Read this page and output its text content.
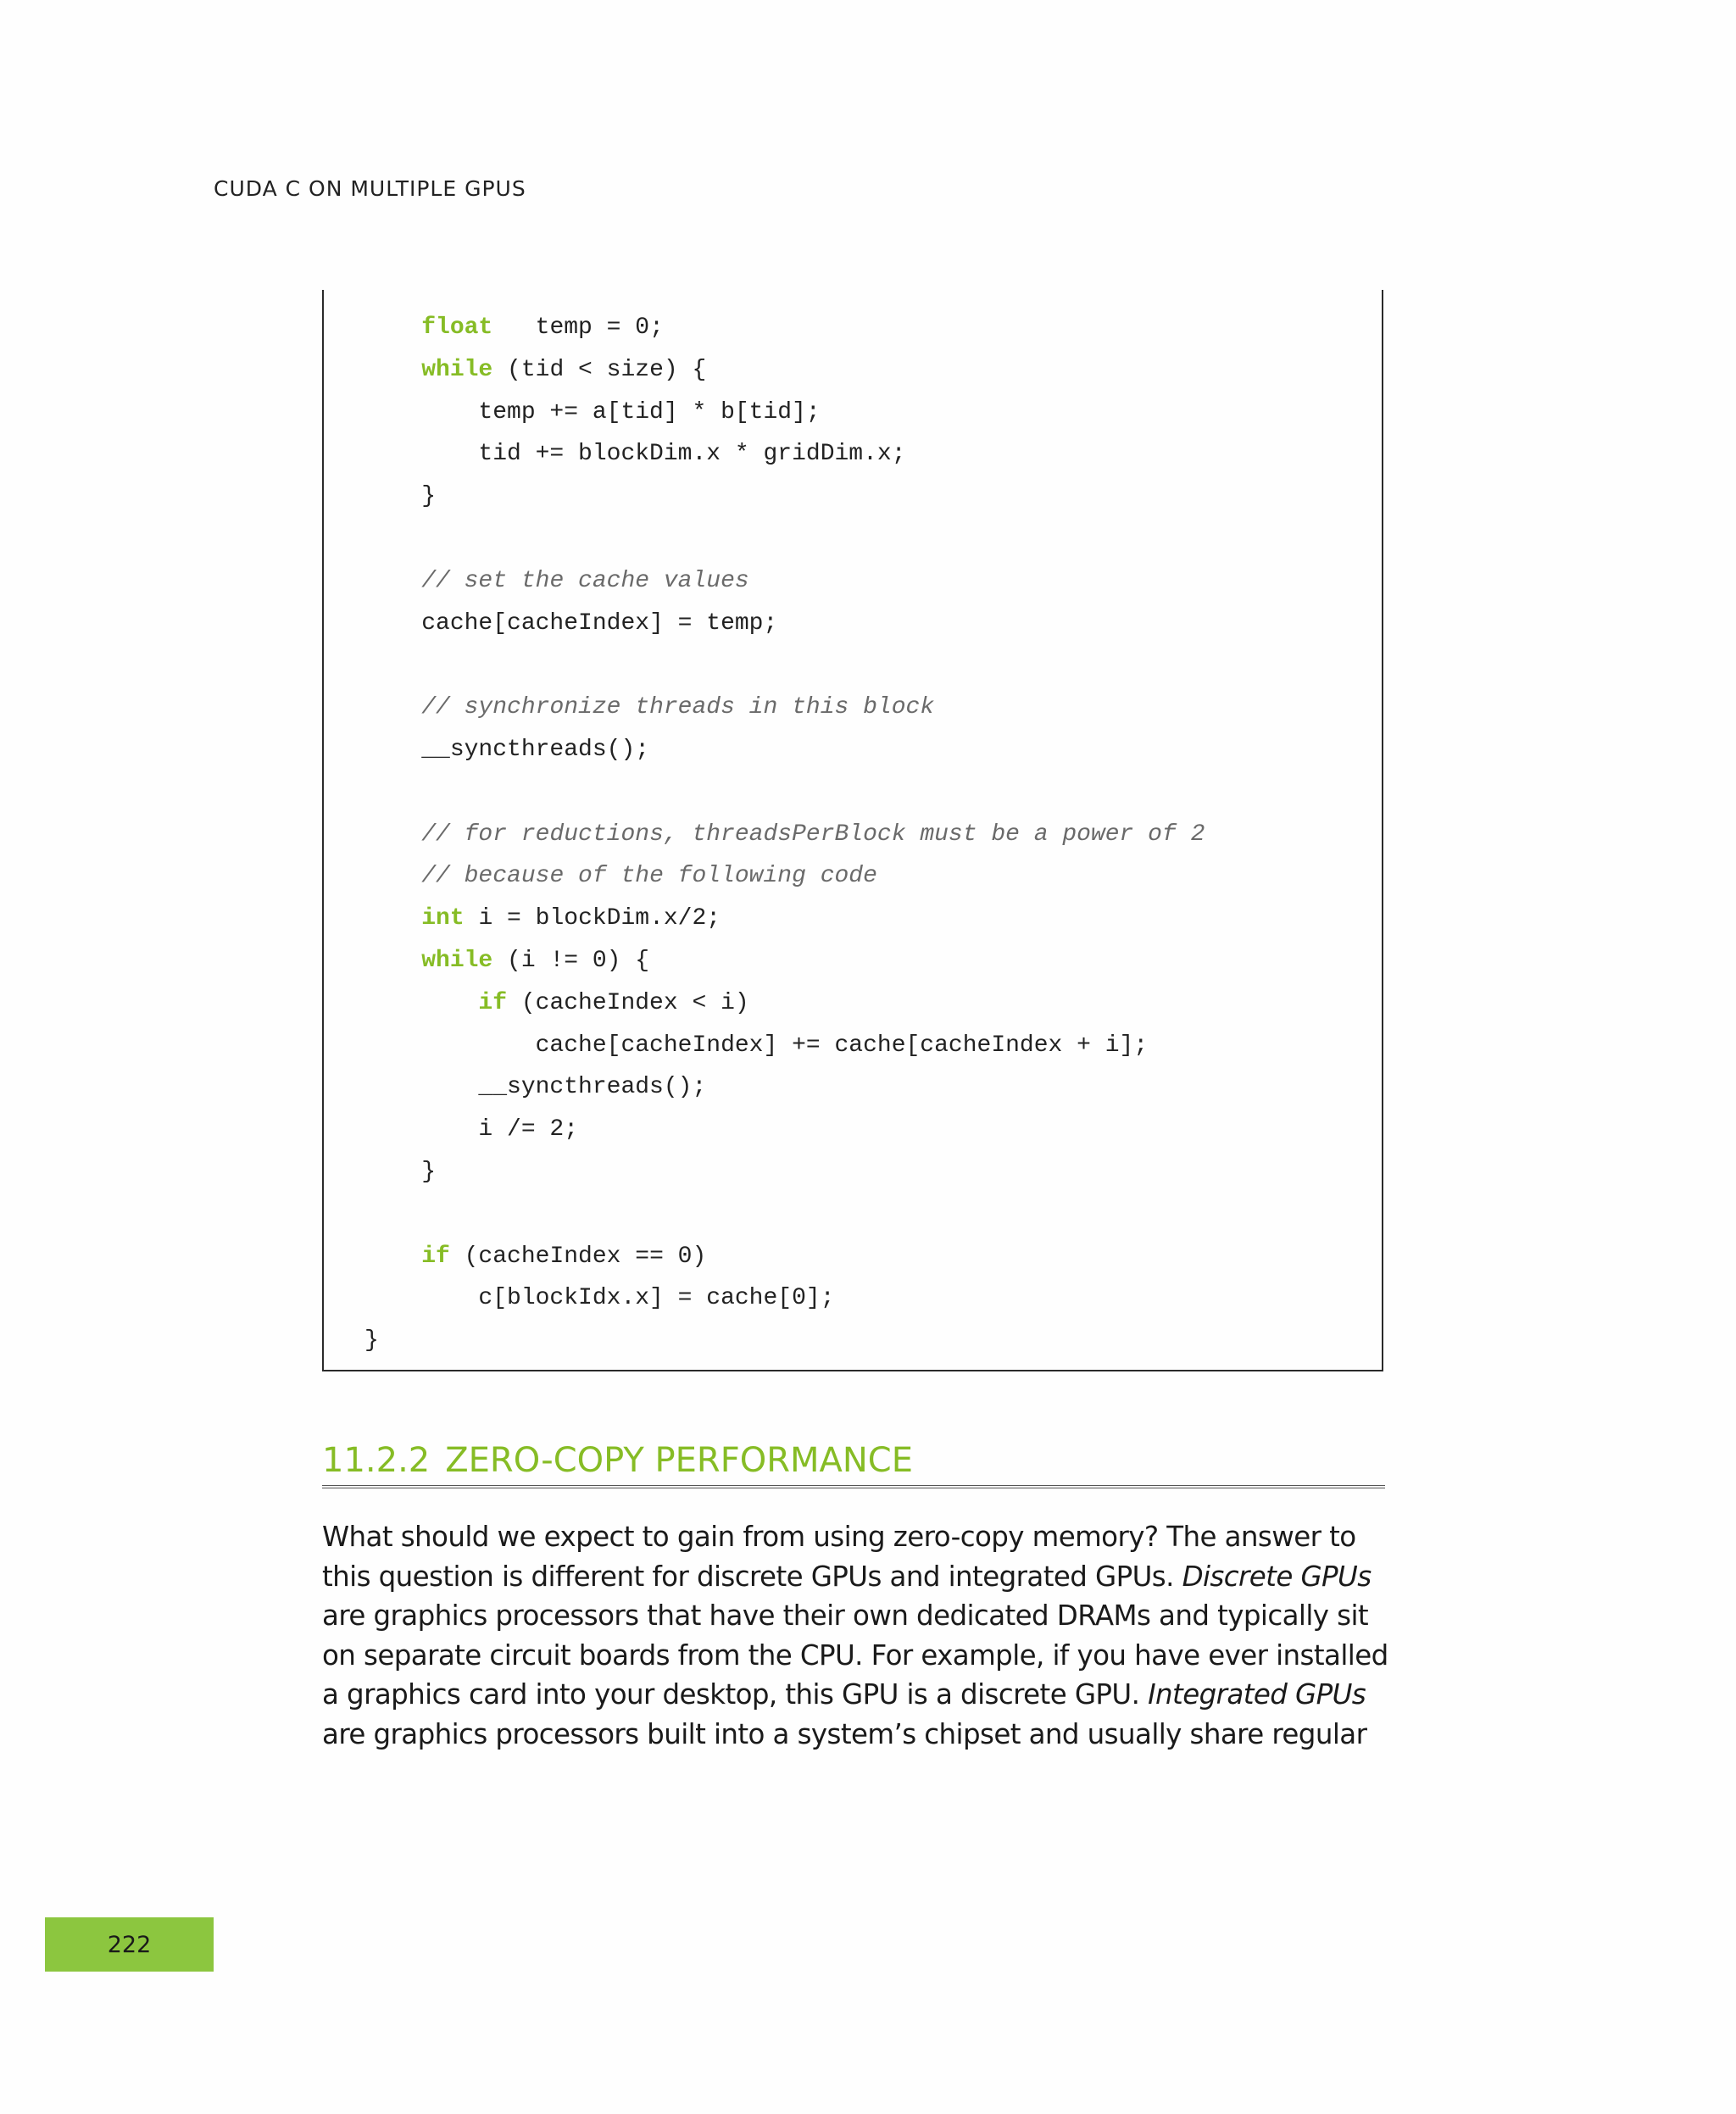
CUDA C ON MULTIPLE GPUS
float   temp = 0;
while (tid < size) {
temp += a[tid] * b[tid];
tid += blockDim.x * gridDim.x;
}
// set the cache values
cache[cacheIndex] = temp;
// synchronize threads in this block
__syncthreads();
// for reductions, threadsPerBlock must be a power of 2
// because of the following code
int i = blockDim.x/2;
while (i != 0) {
if (cacheIndex < i)
cache[cacheIndex] += cache[cacheIndex + i];
__syncthreads();
i /= 2;
}
if (cacheIndex == 0)
c[blockIdx.x] = cache[0];
}
11.2.2 ZERO-COPY PERFORMANCE
What should we expect to gain from using zero-copy memory? The answer to
this question is different for discrete GPUs and integrated GPUs. Discrete GPUs
are graphics processors that have their own dedicated DRAMs and typically sit
on separate circuit boards from the CPU. For example, if you have ever installed
a graphics card into your desktop, this GPU is a discrete GPU. Integrated GPUs
are graphics processors built into a system’s chipset and usually share regular
222
